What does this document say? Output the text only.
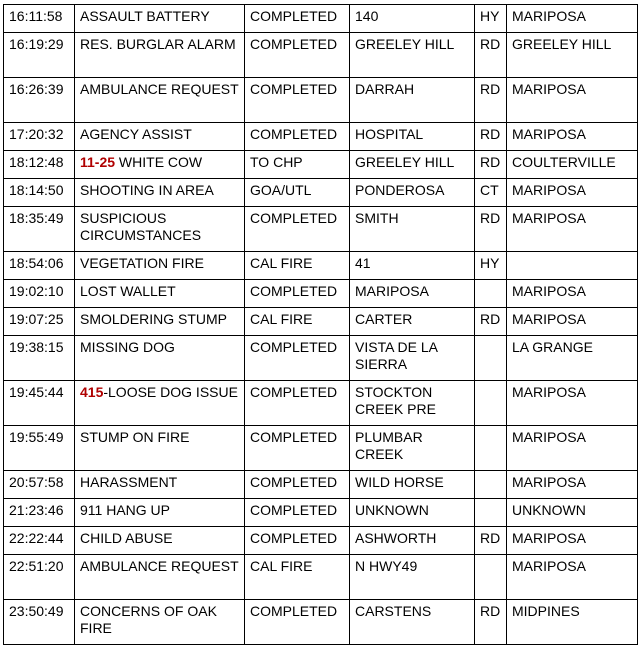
16:11:58	ASSAULT BATTERY	COMPLETED	140	HY	MARIPOSA
16:19:29	RES. BURGLAR ALARM	COMPLETED	GREELEY HILL	RD	GREELEY HILL
16:26:39	AMBULANCE REQUEST	COMPLETED	DARRAH	RD	MARIPOSA
17:20:32	AGENCY ASSIST	COMPLETED	HOSPITAL	RD	MARIPOSA
18:12:48	11-25 WHITE COW	TO CHP	GREELEY HILL	RD	COULTERVILLE
18:14:50	SHOOTING IN AREA	GOA/UTL	PONDEROSA	CT	MARIPOSA
18:35:49	SUSPICIOUS CIRCUMSTANCES	COMPLETED	SMITH	RD	MARIPOSA
18:54:06	VEGETATION FIRE	CAL FIRE	41	HY	
19:02:10	LOST WALLET	COMPLETED	MARIPOSA		MARIPOSA
19:07:25	SMOLDERING STUMP	CAL FIRE	CARTER	RD	MARIPOSA
19:38:15	MISSING DOG	COMPLETED	VISTA DE LA SIERRA		LA GRANGE
19:45:44	415-LOOSE DOG ISSUE	COMPLETED	STOCKTON CREEK PRE		MARIPOSA
19:55:49	STUMP ON FIRE	COMPLETED	PLUMBAR CREEK		MARIPOSA
20:57:58	HARASSMENT	COMPLETED	WILD HORSE		MARIPOSA
21:23:46	911 HANG UP	COMPLETED	UNKNOWN		UNKNOWN
22:22:44	CHILD ABUSE	COMPLETED	ASHWORTH	RD	MARIPOSA
22:51:20	AMBULANCE REQUEST	CAL FIRE	N HWY49		MARIPOSA
23:50:49	CONCERNS OF OAK FIRE	COMPLETED	CARSTENS	RD	MIDPINES
